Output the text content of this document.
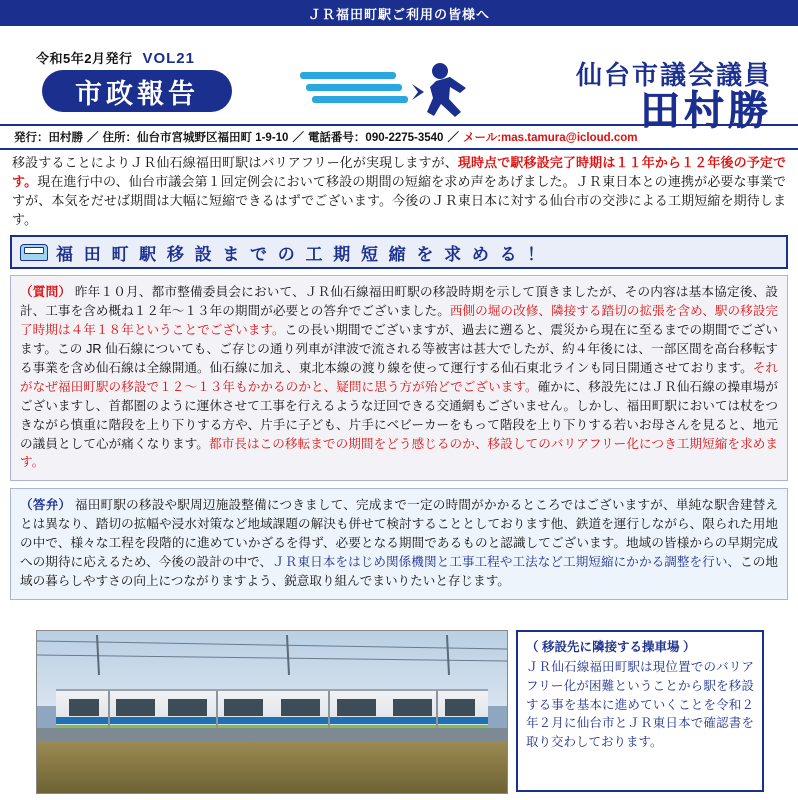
ＪＲ福田町駅ご利用の皆様へ
令和5年2月発行 VOL21
市政報告
仙台市議会議員
田村勝
発行：田村勝 ／ 住所：仙台市宮城野区福田町 1-9-10 ／ 電話番号：090-2275-3540 ／ メール:mas.tamura@icloud.com
移設することによりＪＲ仙石線福田町駅はバリアフリー化が実現しますが、現時点で駅移設完了時期は１１年から１２年後の予定です。現在進行中の、仙台市議会第１回定例会において移設の期間の短縮を求め声をあげました。ＪＲ東日本との連携が必要な事業ですが、本気をだせば期間は大幅に短縮できるはずでございます。今後のＪＲ東日本に対する仙台市の交渉による工期短縮を期待します。
福 田 町 駅 移 設 ま で の 工 期 短 縮 を 求 め る ！
（質問） 昨年１０月、都市整備委員会において、ＪＲ仙石線福田町駅の移設時期を示して頂きましたが、その内容は基本協定後、設計、工事を含め概ね１２年～１３年の期間が必要との答弁でございました。西側の堀の改修、隣接する踏切の拡張を含め、駅の移設完了時期は４年１８年ということでございます。この長い期間でございますが、過去に遡ると、震災から現在に至るまでの期間でございます。この JR 仙石線についても、ご存じの通り列車が津波で流される等被害は甚大でしたが、約４年後には、一部区間を高台移転する事業を含め仙石線は全線開通。仙石線に加え、東北本線の渡り線を使って運行する仙石東北ラインも同日開通させております。それがなぜ福田町駅の移設で１２～１３年もかかるのかと、疑問に思う方が殆どでございます。確かに、移設先にはＪＲ仙石線の操車場がございますし、首都圏のように運休させて工事を行えるような迂回できる交通網もございません。しかし、福田町駅においては杖をつきながら慎重に階段を上り下りする方や、片手に子ども、片手にベビーカーをもって階段を上り下りする若いお母さんを見ると、地元の議員として心が痛くなります。都市長はこの移転までの期間をどう感じるのか、移設してのバリアフリー化につき工期短縮を求めます。
（答弁） 福田町駅の移設や駅周辺施設整備につきまして、完成まで一定の時間がかかるところではございますが、単純な駅舎建替えとは異なり、踏切の拡幅や浸水対策など地域課題の解決も併せて検討することとしております他、鉄道を運行しながら、限られた用地の中で、様々な工程を段階的に進めていかざるを得ず、必要となる期間であるものと認識してございます。地域の皆様からの早期完成への期待に応えるため、今後の設計の中で、ＪＲ東日本をはじめ関係機関と工事工程や工法など工期短縮にかかる調整を行い、この地域の暮らしやすさの向上につながりますよう、鋭意取り組んでまいりたいと存じます。
（ 移設先に隣接する操車場 ）
ＪＲ仙石線福田町駅は現位置でのバリアフリー化が困難ということから駅を移設する事を基本に進めていくことを令和２年２月に仙台市とＪＲ東日本で確認書を取り交わしております。
